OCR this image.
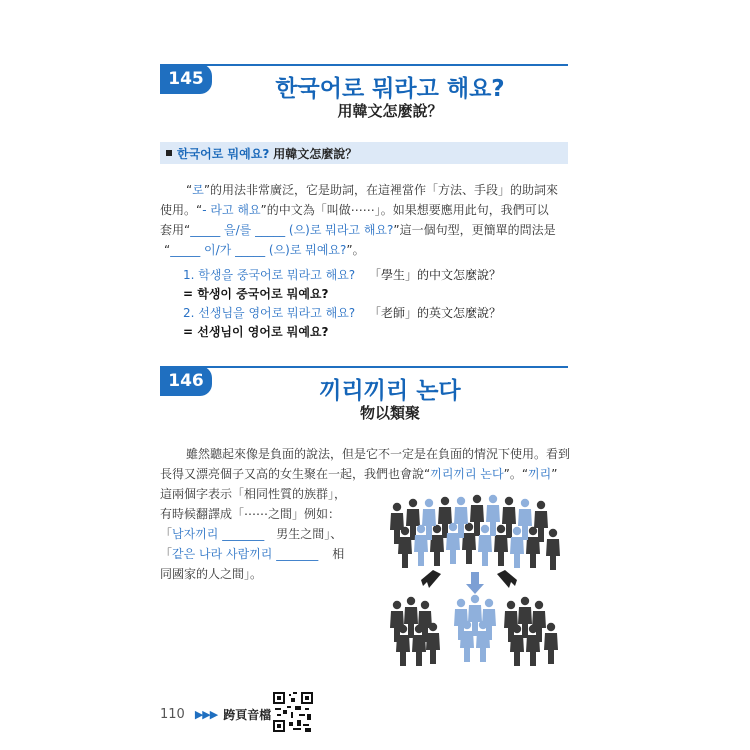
145	한국어로 뭐라고 해요?
用韓文怎麼說？
한국어로 뭐예요? 用韓文怎麼說？
“로”的用法非常廣泛，它是助詞，在這裡當作「方法、手段」的助詞來
使用。“- 라고 해요”的中文為「叫做⋯⋯」。如果想要應用此句，我們可以
套用“_____ 을/를 _____ (으)로 뭐라고 해요?”這一個句型，更簡單的問法是
“_____ 이/가 _____ (으)로 뭐예요?”。
1. 학생을 중국어로 뭐라고 해요? 「學生」的中文怎麼說？
= 학생이 중국어로 뭐예요?
2. 선생님을 영어로 뭐라고 해요? 「老師」的英文怎麼說？
= 선생님이 영어로 뭐예요?
146	끼리끼리 논다
物以類聚
雖然聽起來像是負面的說法，但是它不一定是在負面的情況下使用。看到
長得又漂亮個子又高的女生聚在一起，我們也會說“끼리끼리 논다”。“끼리”
這兩個字表示「相同性質的族群」，
有時候翻譯成「⋯⋯之間」例如：
「남자끼리 _______ 男生之間」、
「같은 나라 사람끼리 _______ 相
同國家的人之間」。
110 ▶▶▶ 跨頁音檔
